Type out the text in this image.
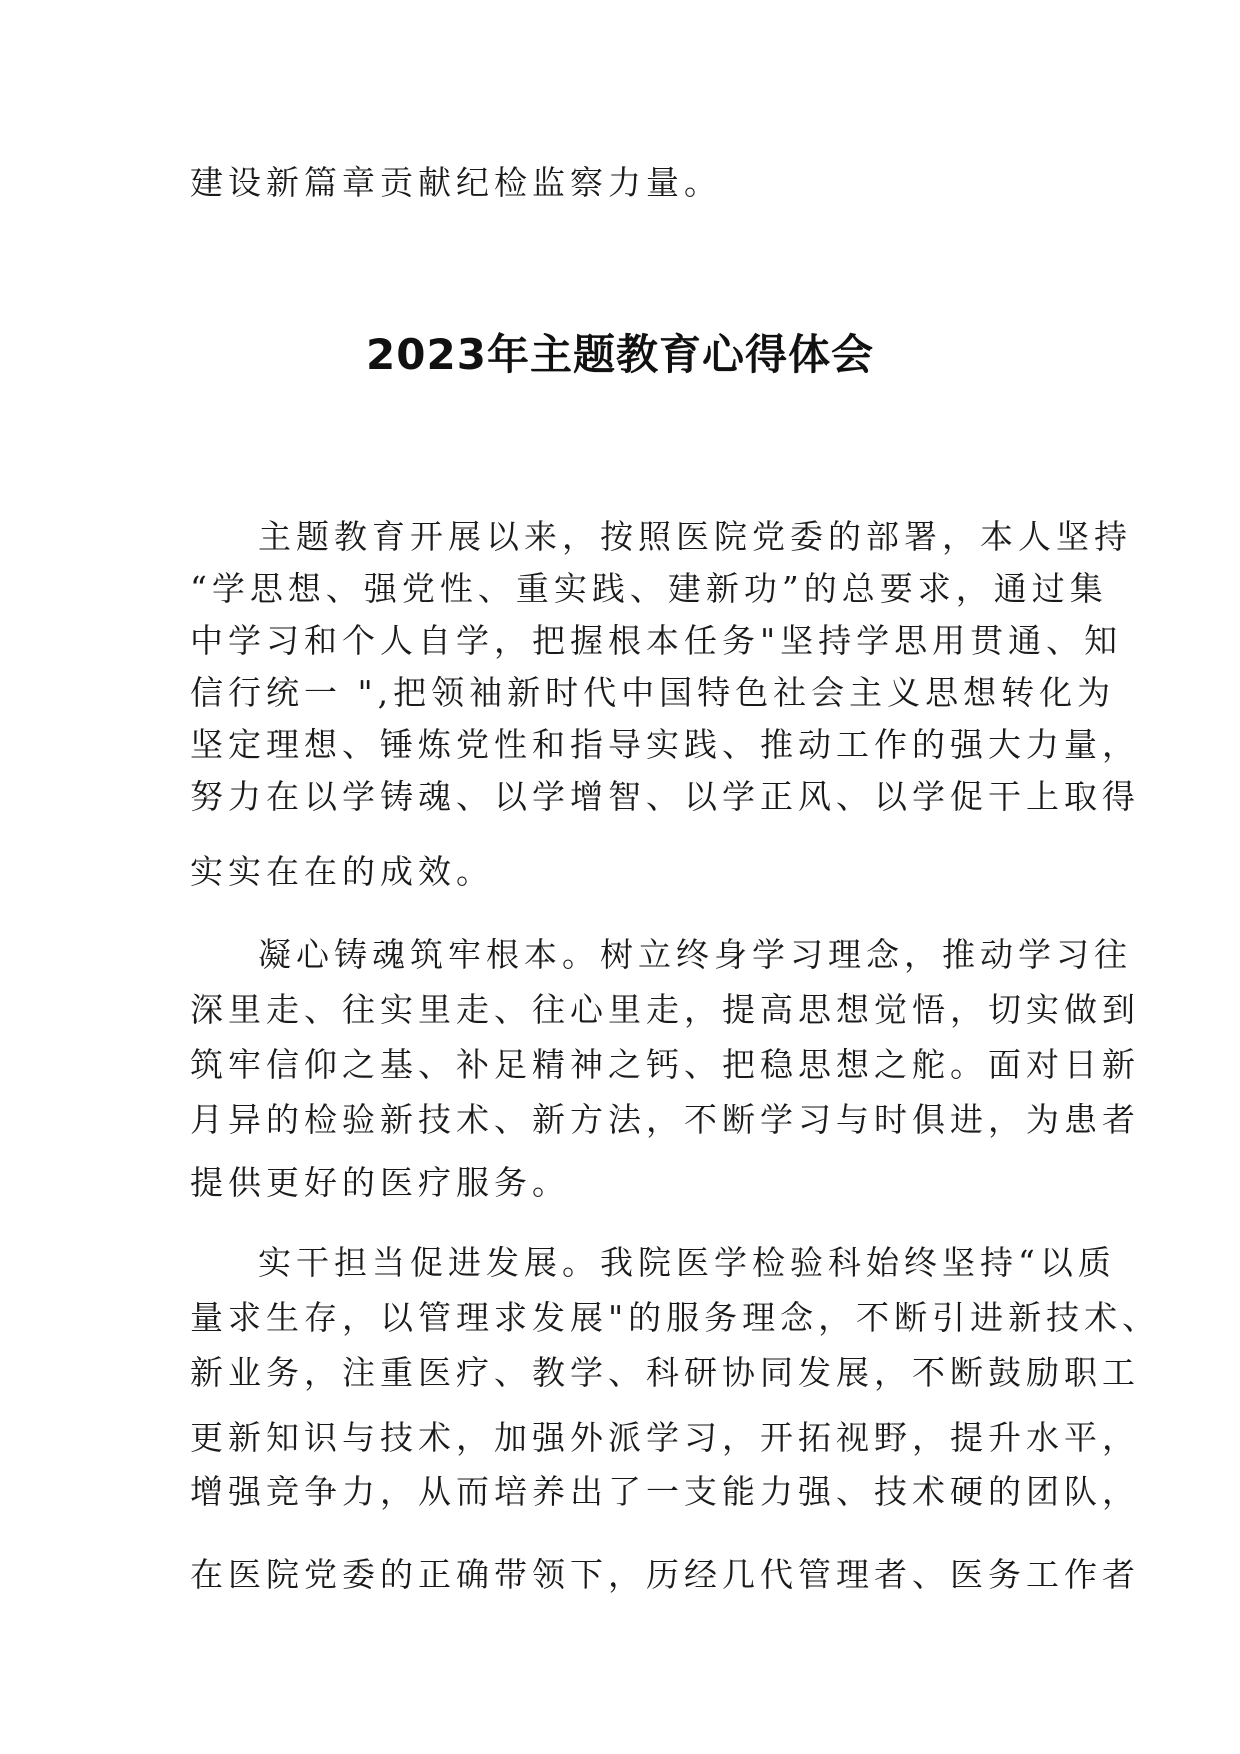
建设新篇章贡献纪检监察力量。
2023年主题教育心得体会
主题教育开展以来，按照医院党委的部署，本人坚持
“学思想、强党性、重实践、建新功”的总要求，通过集
中学习和个人自学，把握根本任务"坚持学思用贯通、知
信行统一 ",把领袖新时代中国特色社会主义思想转化为
坚定理想、锤炼党性和指导实践、推动工作的强大力量，
努力在以学铸魂、以学增智、以学正风、以学促干上取得
实实在在的成效。
凝心铸魂筑牢根本。树立终身学习理念，推动学习往
深里走、往实里走、往心里走，提高思想觉悟，切实做到
筑牢信仰之基、补足精神之钙、把稳思想之舵。面对日新
月异的检验新技术、新方法，不断学习与时俱进，为患者
提供更好的医疗服务。
实干担当促进发展。我院医学检验科始终坚持“以质
量求生存，以管理求发展"的服务理念，不断引进新技术、
新业务，注重医疗、教学、科研协同发展，不断鼓励职工
更新知识与技术，加强外派学习，开拓视野，提升水平，
增强竞争力，从而培养出了一支能力强、技术硬的团队，
在医院党委的正确带领下，历经几代管理者、医务工作者
